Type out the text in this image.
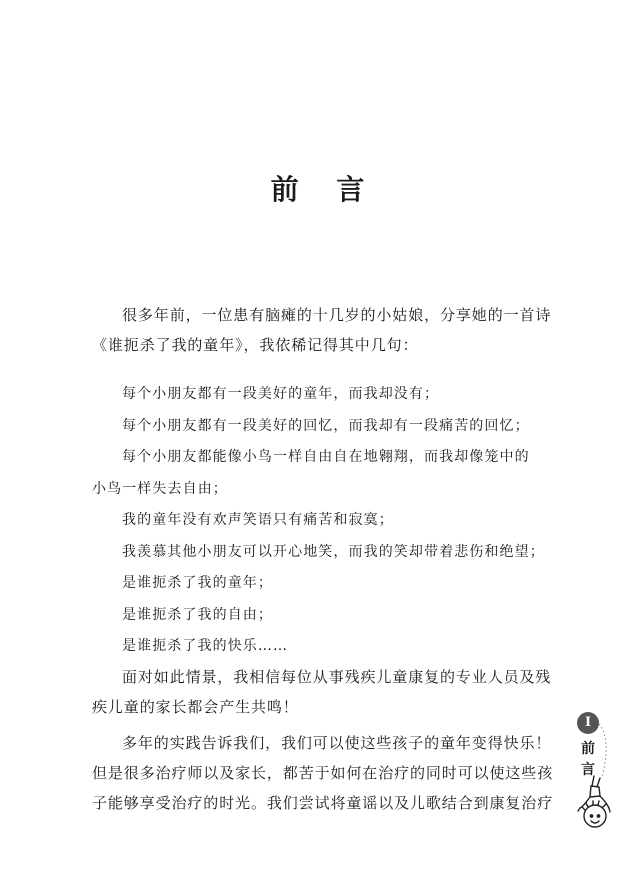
前 言

很多年前，一位患有脑瘫的十几岁的小姑娘，分享她的一首诗
《谁扼杀了我的童年》，我依稀记得其中几句：

每个小朋友都有一段美好的童年，而我却没有；
每个小朋友都有一段美好的回忆，而我却有一段痛苦的回忆；
每个小朋友都能像小鸟一样自由自在地翱翔，而我却像笼中的
小鸟一样失去自由；
我的童年没有欢声笑语只有痛苦和寂寞；
我羡慕其他小朋友可以开心地笑，而我的笑却带着悲伤和绝望；
是谁扼杀了我的童年；
是谁扼杀了我的自由；
是谁扼杀了我的快乐……

面对如此情景，我相信每位从事残疾儿童康复的专业人员及残
疾儿童的家长都会产生共鸣！

多年的实践告诉我们，我们可以使这些孩子的童年变得快乐！
但是很多治疗师以及家长，都苦于如何在治疗的同时可以使这些孩
子能够享受治疗的时光。我们尝试将童谣以及儿歌结合到康复治疗

I
前
言
